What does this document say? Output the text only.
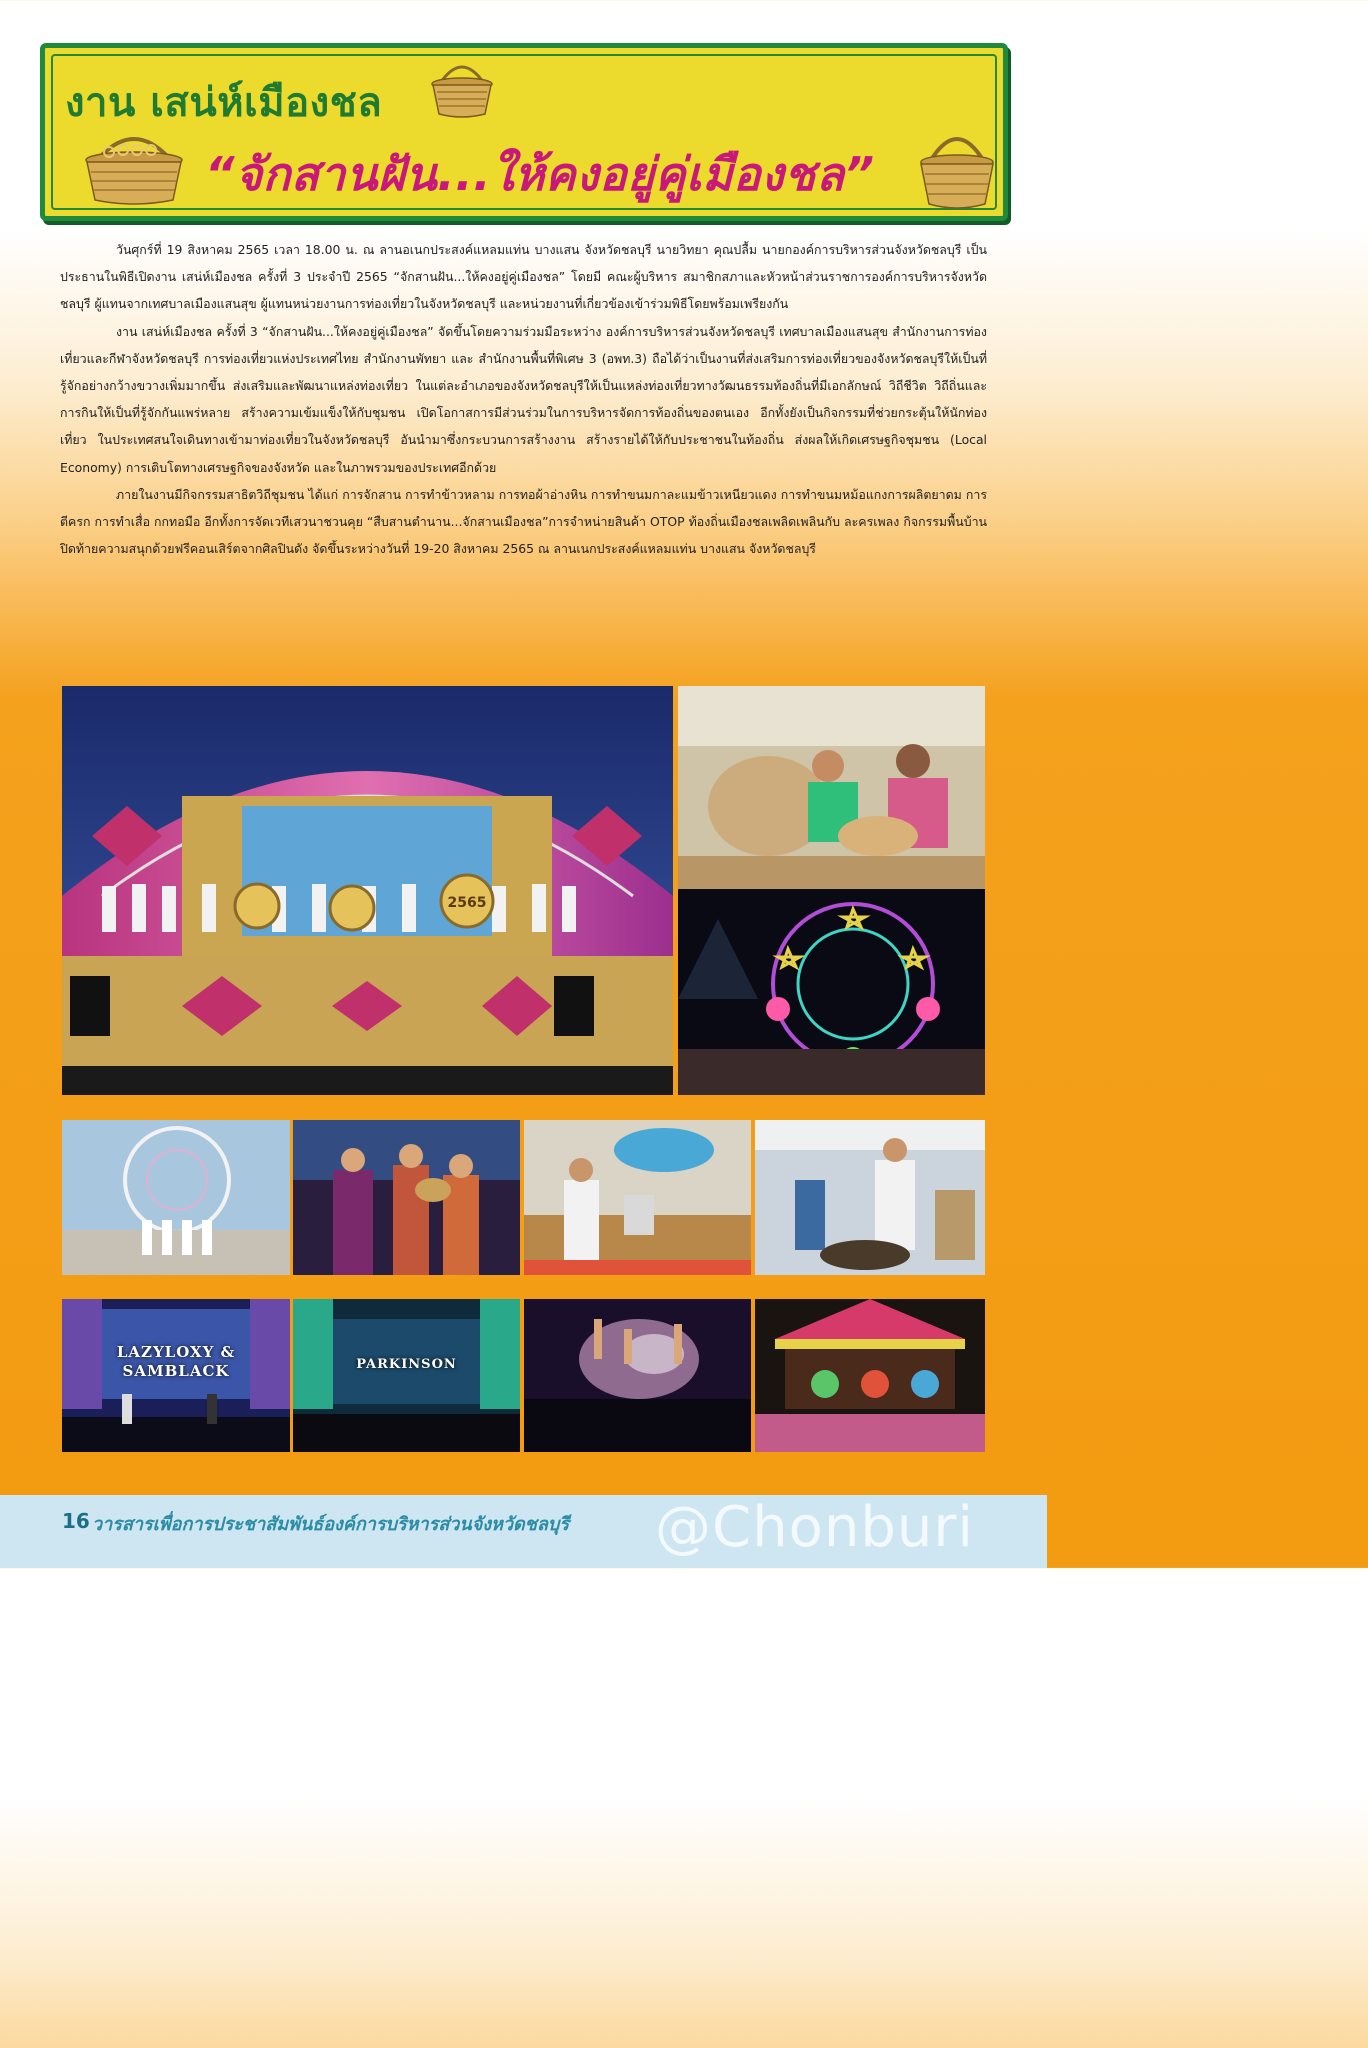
งาน เสน่ห์เมืองชล
“จักสานฝัน...ให้คงอยู่คู่เมืองชล”

วันศุกร์ที่ 19 สิงหาคม 2565 เวลา 18.00 น. ณ ลานอเนกประสงค์แหลมแท่น บางแสน จังหวัดชลบุรี นายวิทยา คุณปลื้ม นายกองค์การบริหารส่วนจังหวัดชลบุรี เป็นประธานในพิธีเปิดงาน เสน่ห์เมืองชล ครั้งที่ 3 ประจำปี 2565 “จักสานฝัน...ให้คงอยู่คู่เมืองชล” โดยมี คณะผู้บริหาร สมาชิกสภาและหัวหน้าส่วนราชการองค์การบริหารจังหวัดชลบุรี ผู้แทนจากเทศบาลเมืองแสนสุข ผู้แทนหน่วยงานการท่องเที่ยวในจังหวัดชลบุรี และหน่วยงานที่เกี่ยวข้องเข้าร่วมพิธีโดยพร้อมเพรียงกัน

งาน เสน่ห์เมืองชล ครั้งที่ 3 “จักสานฝัน...ให้คงอยู่คู่เมืองชล” จัดขึ้นโดยความร่วมมือระหว่าง องค์การบริหารส่วนจังหวัดชลบุรี เทศบาลเมืองแสนสุข สำนักงานการท่องเที่ยวและกีฬาจังหวัดชลบุรี การท่องเที่ยวแห่งประเทศไทย สำนักงานพัทยา และ สำนักงานพื้นที่พิเศษ 3 (อพท.3) ถือได้ว่าเป็นงานที่ส่งเสริมการท่องเที่ยวของจังหวัดชลบุรีให้เป็นที่รู้จักอย่างกว้างขวางเพิ่มมากขึ้น ส่งเสริมและพัฒนาแหล่งท่องเที่ยว ในแต่ละอำเภอของจังหวัดชลบุรีให้เป็นแหล่งท่องเที่ยวทางวัฒนธรรมท้องถิ่นที่มีเอกลักษณ์ วิถีชีวิต วิถีถิ่นและการกินให้เป็นที่รู้จักกันแพร่หลาย สร้างความเข้มแข็งให้กับชุมชน เปิดโอกาสการมีส่วนร่วมในการบริหารจัดการท้องถิ่นของตนเอง อีกทั้งยังเป็นกิจกรรมที่ช่วยกระตุ้นให้นักท่องเที่ยว ในประเทศสนใจเดินทางเข้ามาท่องเที่ยวในจังหวัดชลบุรี อันนำมาซึ่งกระบวนการสร้างงาน สร้างรายได้ให้กับประชาชนในท้องถิ่น ส่งผลให้เกิดเศรษฐกิจชุมชน (Local Economy) การเติบโตทางเศรษฐกิจของจังหวัด และในภาพรวมของประเทศอีกด้วย

ภายในงานมีกิจกรรมสาธิตวิถีชุมชน ได้แก่ การจักสาน การทำข้าวหลาม การทอผ้าอ่างหิน การทำขนมกาละแมข้าวเหนียวแดง การทำขนมหม้อแกงการผลิตยาดม การตีครก การทำเสื่อ กกทอมือ อีกทั้งการจัดเวทีเสวนาชวนคุย “สืบสานตำนาน...จักสานเมืองชล”การจำหน่ายสินค้า OTOP ท้องถิ่นเมืองชลเพลิดเพลินกับ ละครเพลง กิจกรรมพื้นบ้าน ปิดท้ายความสนุกด้วยฟรีคอนเสิร์ตจากศิลปินดัง จัดขึ้นระหว่างวันที่ 19-20 สิงหาคม 2565 ณ ลานเนกประสงค์แหลมแท่น บางแสน จังหวัดชลบุรี

2565
LAZYLOXY & SAMBLACK	PARKINSON
@Chonburi
16 วารสารเพื่อการประชาสัมพันธ์องค์การบริหารส่วนจังหวัดชลบุรี
